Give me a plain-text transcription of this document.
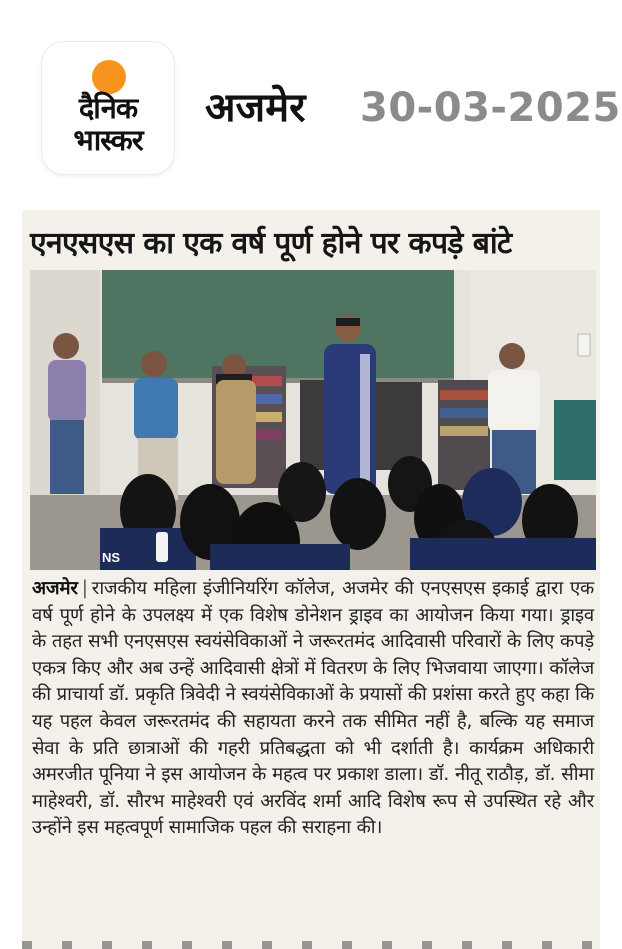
दैनिक
भास्कर
अजमेर 30-03-2025
एनएसएस का एक वर्ष पूर्ण होने पर कपड़े बांटे
NS
अजमेर | राजकीय महिला इंजीनियरिंग कॉलेज, अजमेर की एनएसएस इकाई द्वारा एक वर्ष पूर्ण होने के उपलक्ष्य में एक विशेष डोनेशन ड्राइव का आयोजन किया गया। ड्राइव के तहत सभी एनएसएस स्वयंसेविकाओं ने जरूरतमंद आदिवासी परिवारों के लिए कपड़े एकत्र किए और अब उन्हें आदिवासी क्षेत्रों में वितरण के लिए भिजवाया जाएगा। कॉलेज की प्राचार्या डॉ. प्रकृति त्रिवेदी ने स्वयंसेविकाओं के प्रयासों की प्रशंसा करते हुए कहा कि यह पहल केवल जरूरतमंद की सहायता करने तक सीमित नहीं है, बल्कि यह समाज सेवा के प्रति छात्राओं की गहरी प्रतिबद्धता को भी दर्शाती है। कार्यक्रम अधिकारी अमरजीत पूनिया ने इस आयोजन के महत्व पर प्रकाश डाला। डॉ. नीतू राठौड़, डॉ. सीमा माहेश्वरी, डॉ. सौरभ माहेश्वरी एवं अरविंद शर्मा आदि विशेष रूप से उपस्थित रहे और उन्होंने इस महत्वपूर्ण सामाजिक पहल की सराहना की।
